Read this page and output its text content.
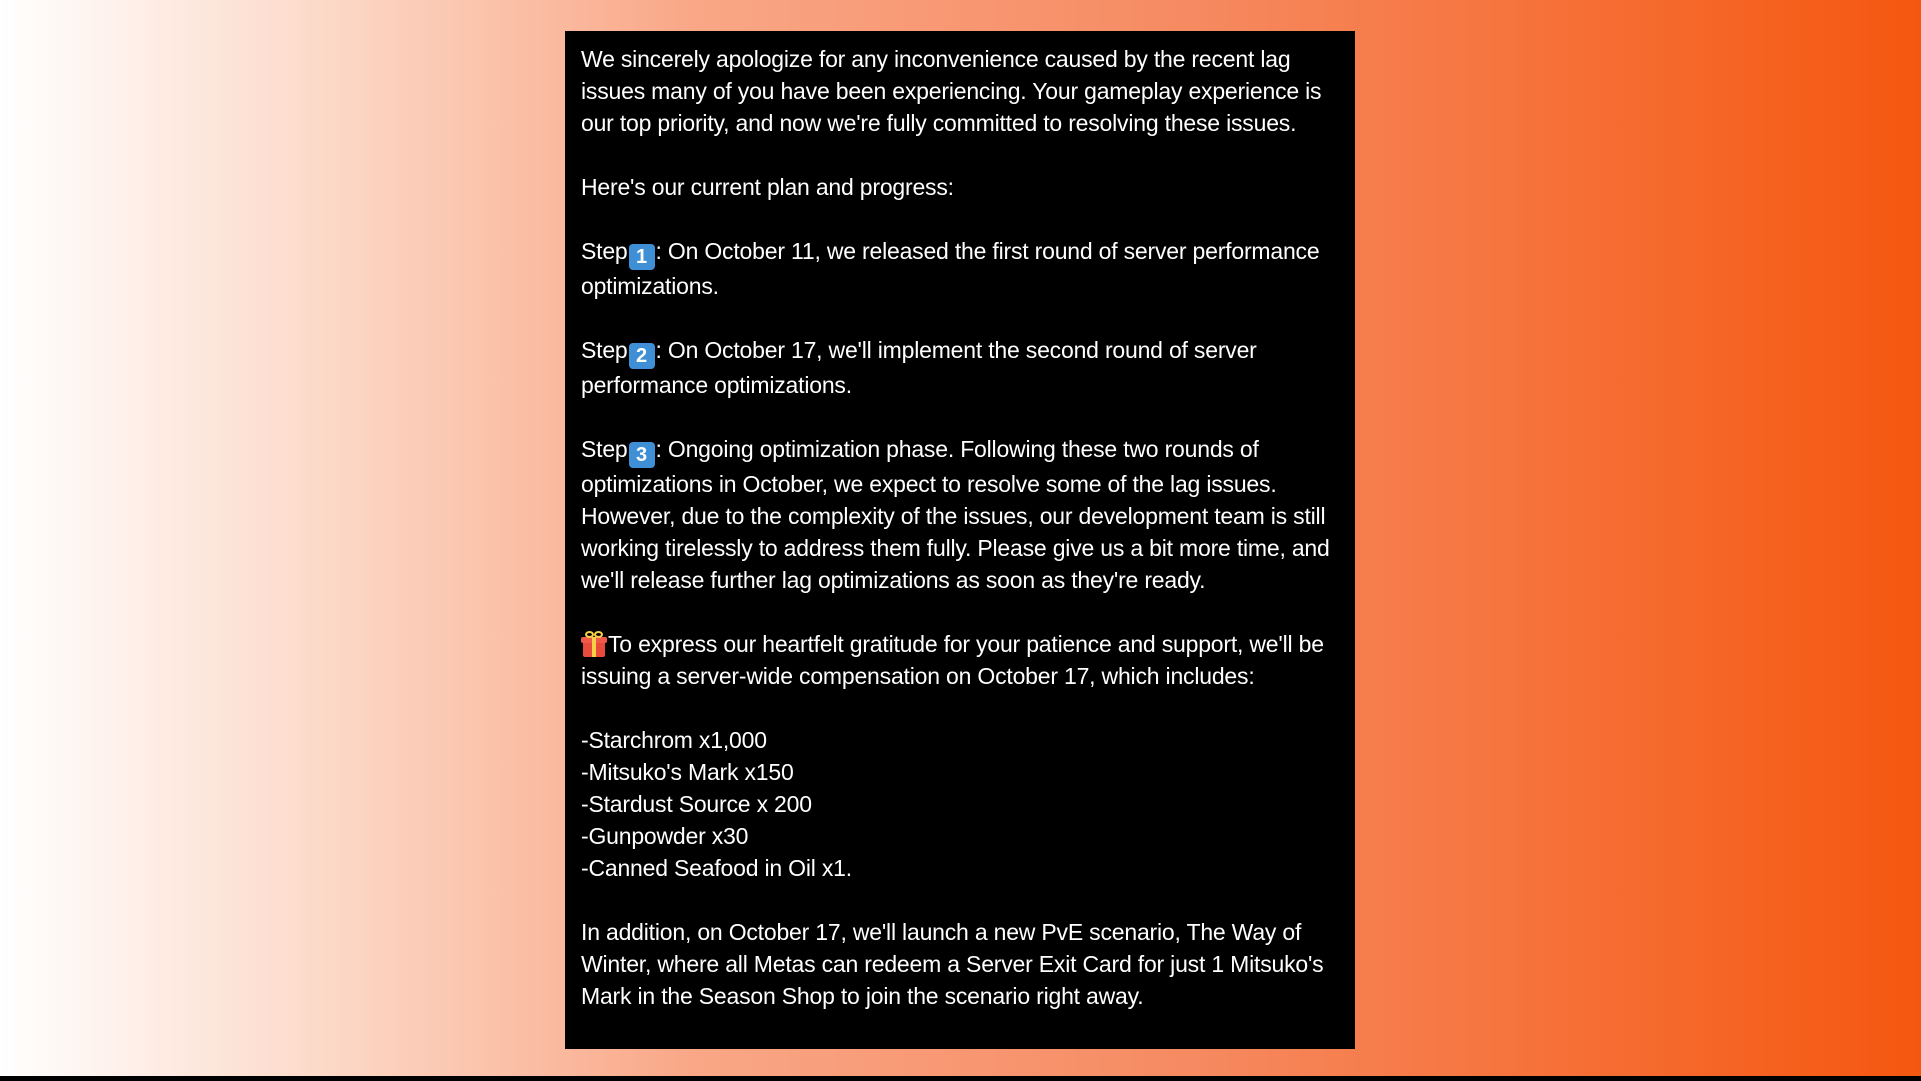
We sincerely apologize for any inconvenience caused by the recent lag issues many of you have been experiencing. Your gameplay experience is our top priority, and now we're fully committed to resolving these issues.

Here's our current plan and progress:

Step 1 : On October 11, we released the first round of server performance optimizations.

Step 2 : On October 17, we'll implement the second round of server performance optimizations.

Step 3 : Ongoing optimization phase. Following these two rounds of optimizations in October, we expect to resolve some of the lag issues. However, due to the complexity of the issues, our development team is still working tirelessly to address them fully. Please give us a bit more time, and we'll release further lag optimizations as soon as they're ready.

To express our heartfelt gratitude for your patience and support, we'll be issuing a server-wide compensation on October 17, which includes:

-Starchrom x1,000

-Mitsuko's Mark x150

-Stardust Source x 200

-Gunpowder x30

-Canned Seafood in Oil x1.

In addition, on October 17, we'll launch a new PvE scenario, The Way of Winter, where all Metas can redeem a Server Exit Card for just 1 Mitsuko's Mark in the Season Shop to join the scenario right away.
